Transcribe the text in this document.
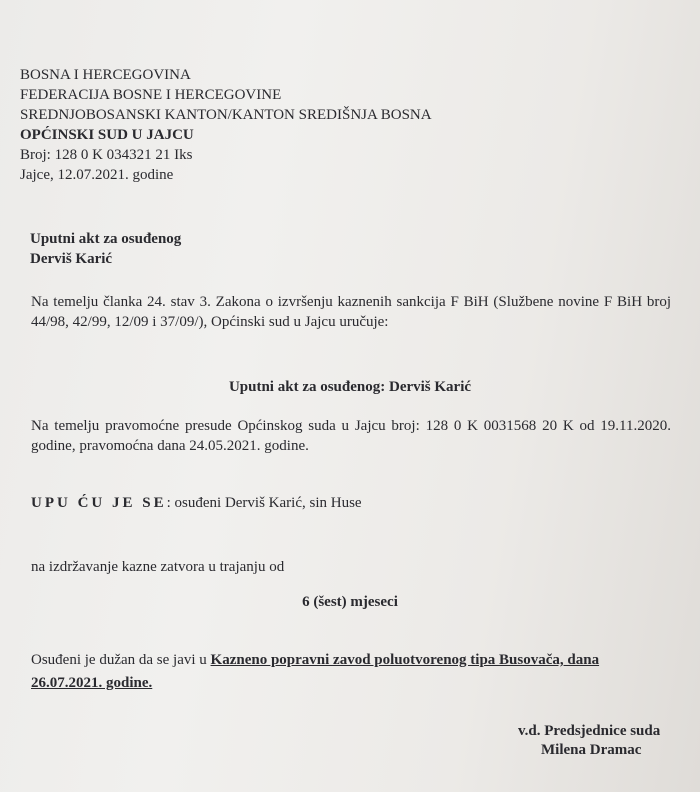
BOSNA I HERCEGOVINA
FEDERACIJA BOSNE I HERCEGOVINE
SREDNJOBOSANSKI KANTON/KANTON SREDIŠNJA BOSNA
OPĆINSKI SUD U JAJCU
Broj: 128 0 K 034321 21 Iks
Jajce, 12.07.2021. godine
Uputni akt za osuđenog
Derviš Karić
Na temelju članka 24. stav 3. Zakona o izvršenju kaznenih sankcija F BiH (Službene novine F BiH broj 44/98, 42/99, 12/09 i 37/09/), Općinski sud u Jajcu uručuje:
Uputni akt za osuđenog: Derviš Karić
Na temelju pravomoćne presude Općinskog suda u Jajcu broj: 128 0 K 0031568 20 K od 19.11.2020. godine, pravomoćna dana 24.05.2021. godine.
UPU ĆU JE SE: osuđeni Derviš Karić, sin Huse
na izdržavanje kazne zatvora u trajanju od
6 (šest) mjeseci
Osuđeni je dužan da se javi u Kazneno popravni zavod poluotvorenog tipa Busovača, dana
26.07.2021. godine.
v.d. Predsjednice suda
Milena Dramac
